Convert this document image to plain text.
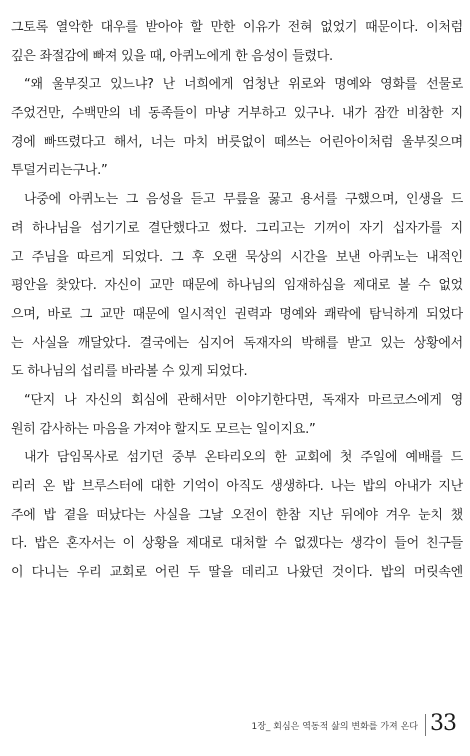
그토록 열악한 대우를 받아야 할 만한 이유가 전혀 없었기 때문이다. 이처럼
깊은 좌절감에 빠져 있을 때, 아퀴노에게 한 음성이 들렸다.
“왜 울부짖고 있느냐? 난 너희에게 엄청난 위로와 명예와 영화를 선물로
주었건만, 수백만의 네 동족들이 마냥 거부하고 있구나. 내가 잠깐 비참한 지
경에 빠뜨렸다고 해서, 너는 마치 버릇없이 떼쓰는 어린아이처럼 울부짖으며
투덜거리는구나.”
나중에 아퀴노는 그 음성을 듣고 무릎을 꿇고 용서를 구했으며, 인생을 드
려 하나님을 섬기기로 결단했다고 썼다. 그리고는 기꺼이 자기 십자가를 지
고 주님을 따르게 되었다. 그 후 오랜 묵상의 시간을 보낸 아퀴노는 내적인
평안을 찾았다. 자신이 교만 때문에 하나님의 임재하심을 제대로 볼 수 없었
으며, 바로 그 교만 때문에 일시적인 권력과 명예와 쾌락에 탐닉하게 되었다
는 사실을 깨달았다. 결국에는 심지어 독재자의 박해를 받고 있는 상황에서
도 하나님의 섭리를 바라볼 수 있게 되었다.
“단지 나 자신의 회심에 관해서만 이야기한다면, 독재자 마르코스에게 영
원히 감사하는 마음을 가져야 할지도 모르는 일이지요.”
내가 담임목사로 섬기던 중부 온타리오의 한 교회에 첫 주일에 예배를 드
리러 온 밥 브루스터에 대한 기억이 아직도 생생하다. 나는 밥의 아내가 지난
주에 밥 곁을 떠났다는 사실을 그날 오전이 한참 지난 뒤에야 겨우 눈치 챘
다. 밥은 혼자서는 이 상황을 제대로 대처할 수 없겠다는 생각이 들어 친구들
이 다니는 우리 교회로 어린 두 딸을 데리고 나왔던 것이다. 밥의 머릿속엔
1장_ 회심은 역동적 삶의 변화를 가져 온다 33
